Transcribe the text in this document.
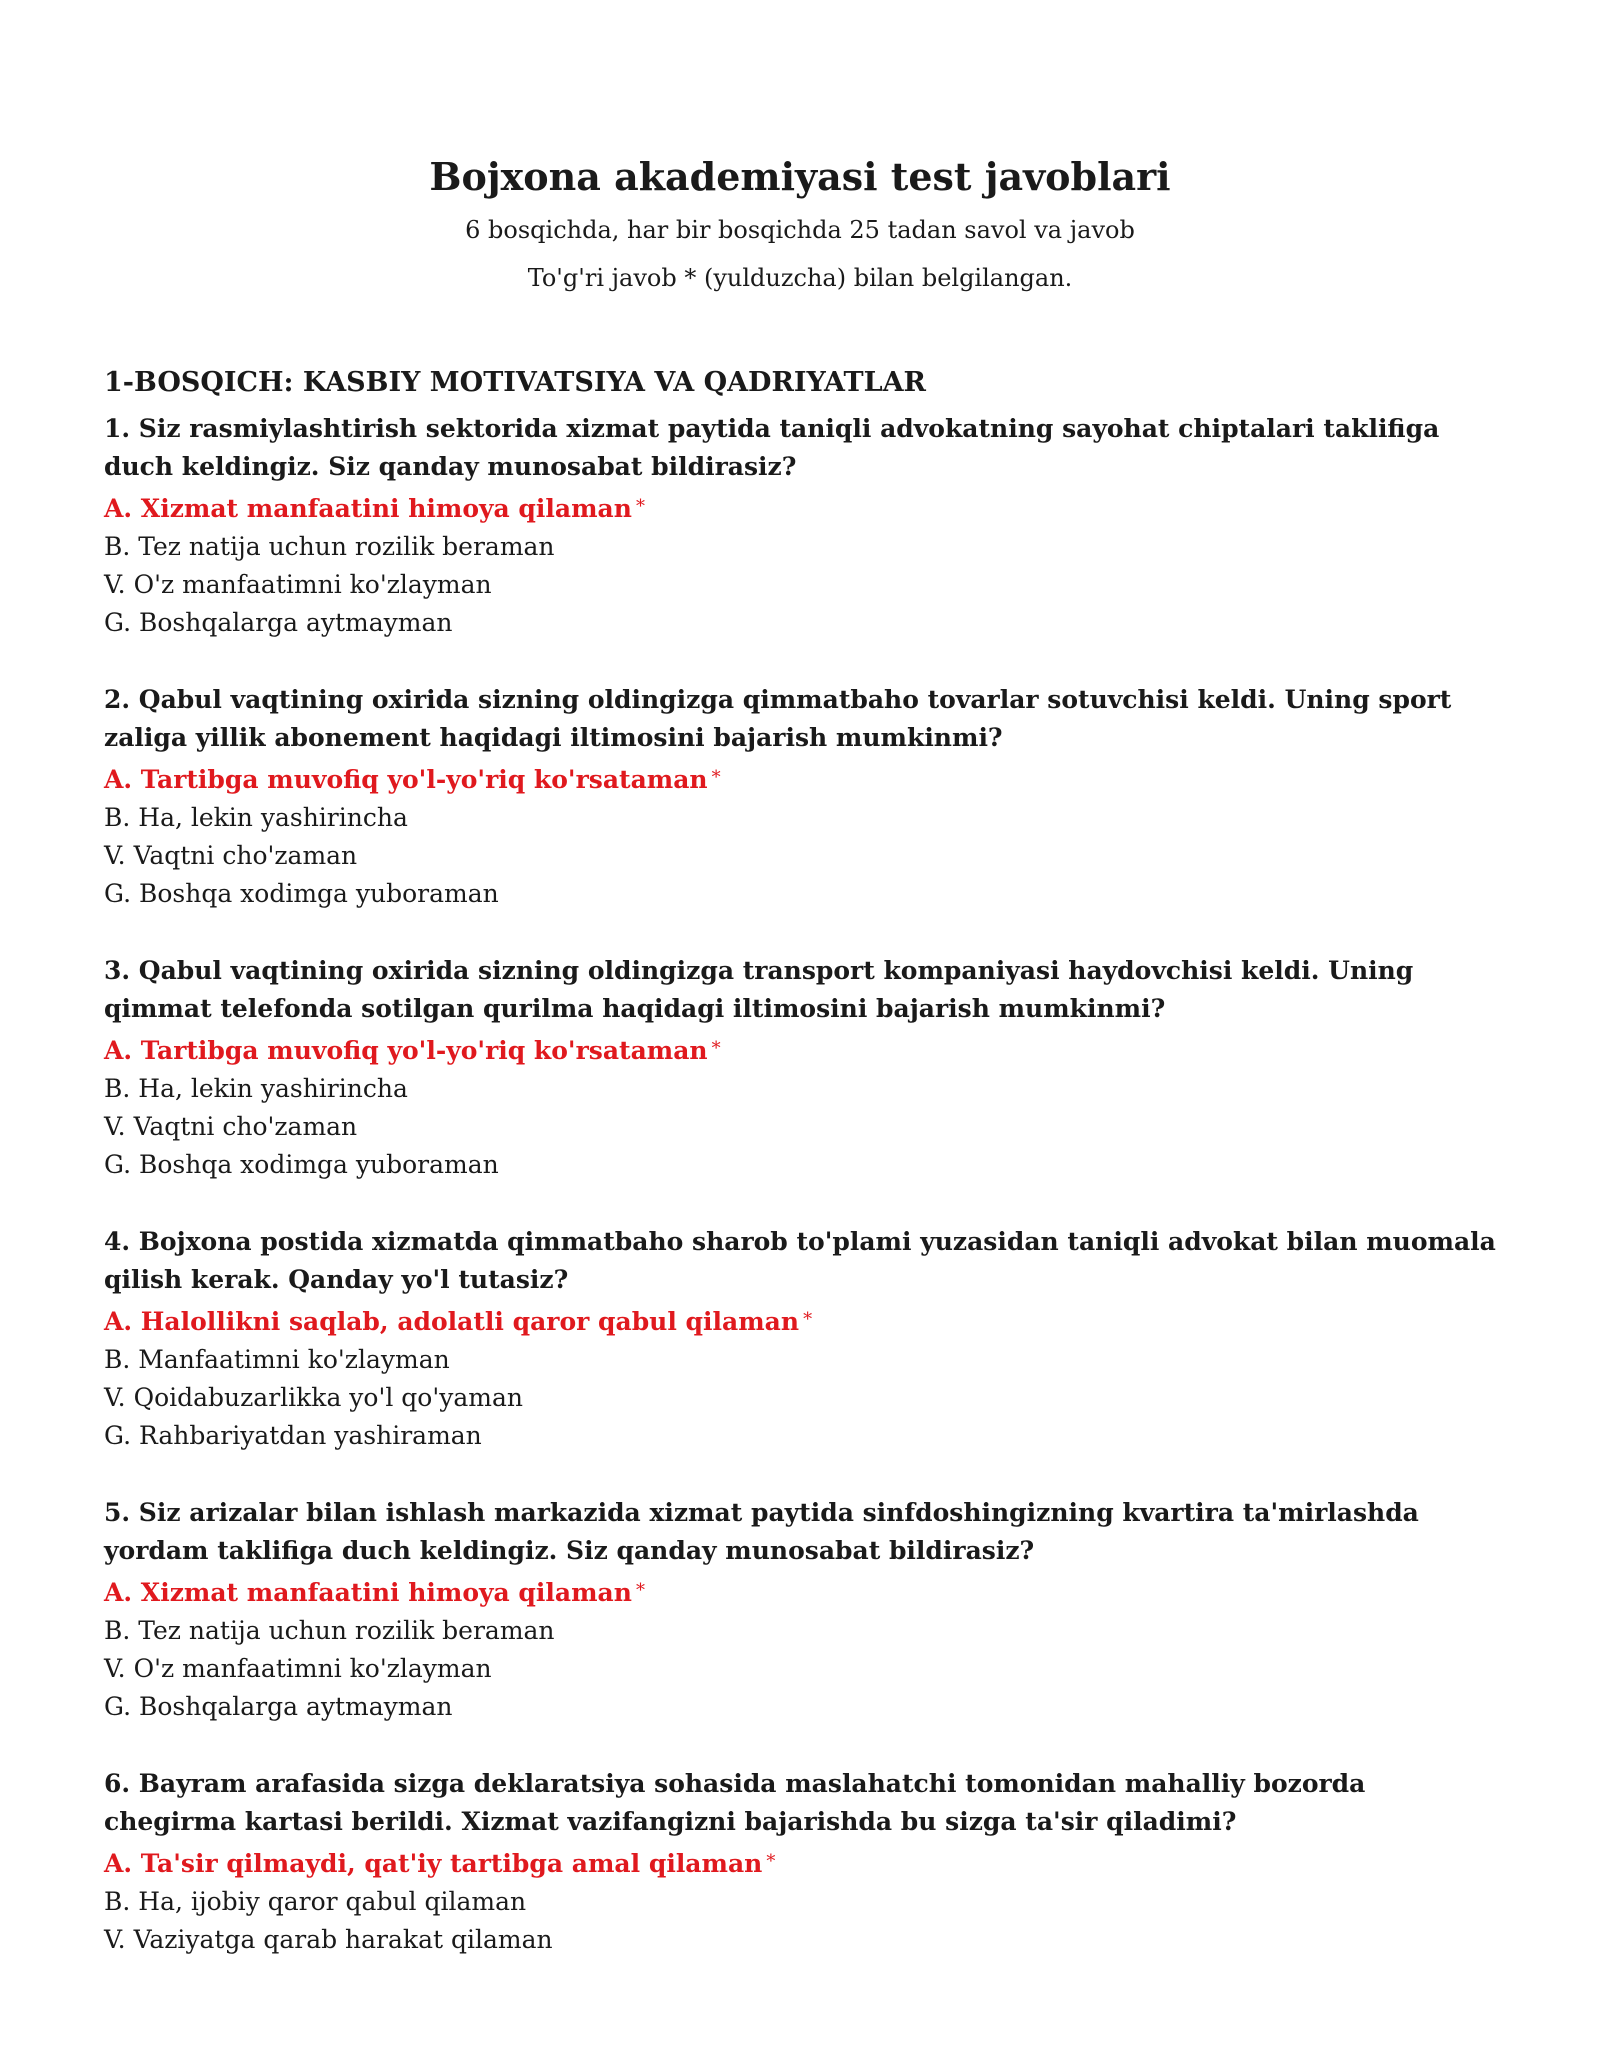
Bojxona akademiyasi test javoblari

6 bosqichda, har bir bosqichda 25 tadan savol va javob

To'g'ri javob * (yulduzcha) bilan belgilangan.

1-BOSQICH: KASBIY MOTIVATSIYA VA QADRIYATLAR

1. Siz rasmiylashtirish sektorida xizmat paytida taniqli advokatning sayohat chiptalari taklifiga duch keldingiz. Siz qanday munosabat bildirasiz?

A. Xizmat manfaatini himoya qilaman *

B. Tez natija uchun rozilik beraman

V. O'z manfaatimni ko'zlayman

G. Boshqalarga aytmayman

2. Qabul vaqtining oxirida sizning oldingizga qimmatbaho tovarlar sotuvchisi keldi. Uning sport zaliga yillik abonement haqidagi iltimosini bajarish mumkinmi?

A. Tartibga muvofiq yo'l-yo'riq ko'rsataman *

B. Ha, lekin yashirincha

V. Vaqtni cho'zaman

G. Boshqa xodimga yuboraman

3. Qabul vaqtining oxirida sizning oldingizga transport kompaniyasi haydovchisi keldi. Uning qimmat telefonda sotilgan qurilma haqidagi iltimosini bajarish mumkinmi?

A. Tartibga muvofiq yo'l-yo'riq ko'rsataman *

B. Ha, lekin yashirincha

V. Vaqtni cho'zaman

G. Boshqa xodimga yuboraman

4. Bojxona postida xizmatda qimmatbaho sharob to'plami yuzasidan taniqli advokat bilan muomala qilish kerak. Qanday yo'l tutasiz?

A. Halollikni saqlab, adolatli qaror qabul qilaman *

B. Manfaatimni ko'zlayman

V. Qoidabuzarlikka yo'l qo'yaman

G. Rahbariyatdan yashiraman

5. Siz arizalar bilan ishlash markazida xizmat paytida sinfdoshingizning kvartira ta'mirlashda yordam taklifiga duch keldingiz. Siz qanday munosabat bildirasiz?

A. Xizmat manfaatini himoya qilaman *

B. Tez natija uchun rozilik beraman

V. O'z manfaatimni ko'zlayman

G. Boshqalarga aytmayman

6. Bayram arafasida sizga deklaratsiya sohasida maslahatchi tomonidan mahalliy bozorda chegirma kartasi berildi. Xizmat vazifangizni bajarishda bu sizga ta'sir qiladimi?

A. Ta'sir qilmaydi, qat'iy tartibga amal qilaman *

B. Ha, ijobiy qaror qabul qilaman

V. Vaziyatga qarab harakat qilaman
